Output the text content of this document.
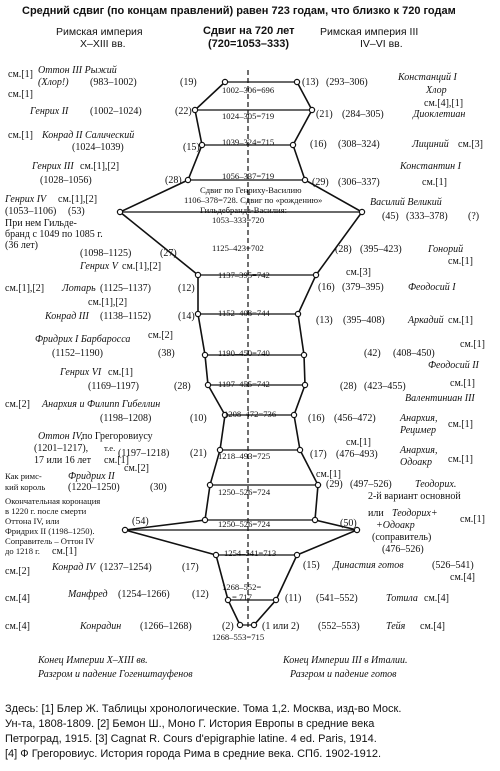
Средний сдвиг (по концам правлений) равен 723 годам, что близко к 720 годам
Римская империя
X–XIII вв.
Сдвиг на 720 лет
(720=1053–333)
Римская империя III
IV–VI вв.
1002–306=696
1024–305=719
1039–324=715
1056–337=719
Сдвиг по Генриху-Василию
1106–378=728. Сдвиг по «рождению»
Гильдебранда-Василия:
1053–333=720
1125–423=702
1137–395=742
1152–408=744
1190–450=740
1197–455=742
1208–472=736
1218–493=725
1250–526=724
1250–526=724
1254–541=713
1268–552=
= 717
1268–553=715
см.[1] Оттон III Рыжий
(Хлор!) (983–1002)	(19)
см.[1]
Генрих II (1002–1024)	(22)
см.[1] Конрад II Салический
(1024–1039)	(15)
Генрих III см.[1],[2]
(1028–1056)	(28)
Генрих IV см.[1],[2]
(1053–1106) (53)
При нем Гильде-
бранд с 1049 по 1085 г.
(36 лет)
(1098–1125)	(27)
Генрих V см.[1],[2]
см.[1],[2] Лотарь (1125–1137)	(12)
см.[1],[2]
Конрад III (1138–1152)	(14)
Фридрих I Барбаросса см.[2]
(1152–1190)	(38)
Генрих VI см.[1]
(1169–1197)	(28)
см.[2] Анархия и Филипп Гибеллин
(1198–1208)	(10)
Оттон IV, по Грегоровиусу
(1201–1217), т.е.
17 или 16 лет см.[1]
(1197–1218) (21)
Как римс-
кий король
Фридрих II
см.[2]
(1220–1250)	(30)
Окончательная коронация
в 1220 г. после смерти
Оттона IV, или
Фридрих II (1198–1250).
Соправитель – Оттон IV
до 1218 г. см.[1]
(54)
см.[2] Конрад IV (1237–1254)	(17)
см.[4]	Манфред (1254–1266) (12)
см.[4]	Конрадин (1266–1268)	(2)
(13) (293–306)	Констанций I
Хлор
см.[4],[1]
(21) (284–305)	Диоклетиан
(16) (308–324)	Лициний см.[3]
Константин I
(29) (306–337)	см.[1]
Василий Великий
(45) (333–378) (?)
(28) (395–423)	Гонорий
см.[1]
см.[3]
(16) (379–395) Феодосий I
(13) (395–408) Аркадий см.[1]
см.[1]
(42) (408–450)
Феодосий II
(28) (423–455)	см.[1]
Валентиниан III
(16) (456–472) Анархия,
Рецимер
см.[1]
см.[1]
(17) (476–493) Анархия,
Одоакр см.[1]
см.[1]
(29) (497–526) Теодорих.
2-й вариант основной
(50)
или Теодорих+
+Одоакр
(соправитель)
(476–526)
см.[1]
(15) Династия готов	(526–541)
см.[4]
(11) (541–552)	Тотила см.[4]
(1 или 2) (552–553)	Тейя см.[4]
Конец Империи X–XIII вв.
Разгром и падение Гогенштауфенов
Конец Империи III в Италии.
Разгром и падение готов
Здесь: [1] Блер Ж. Таблицы хронологические. Тома 1,2. Москва, изд-во Моск.
Ун-та, 1808-1809. [2] Бемон Ш., Моно Г. История Европы в средние века
Петроград, 1915. [3] Cagnat R. Cours d'epigraphie latine. 4 ed. Paris, 1914.
[4] Ф Грегоровиус. История города Рима в средние века. СПб. 1902-1912.
